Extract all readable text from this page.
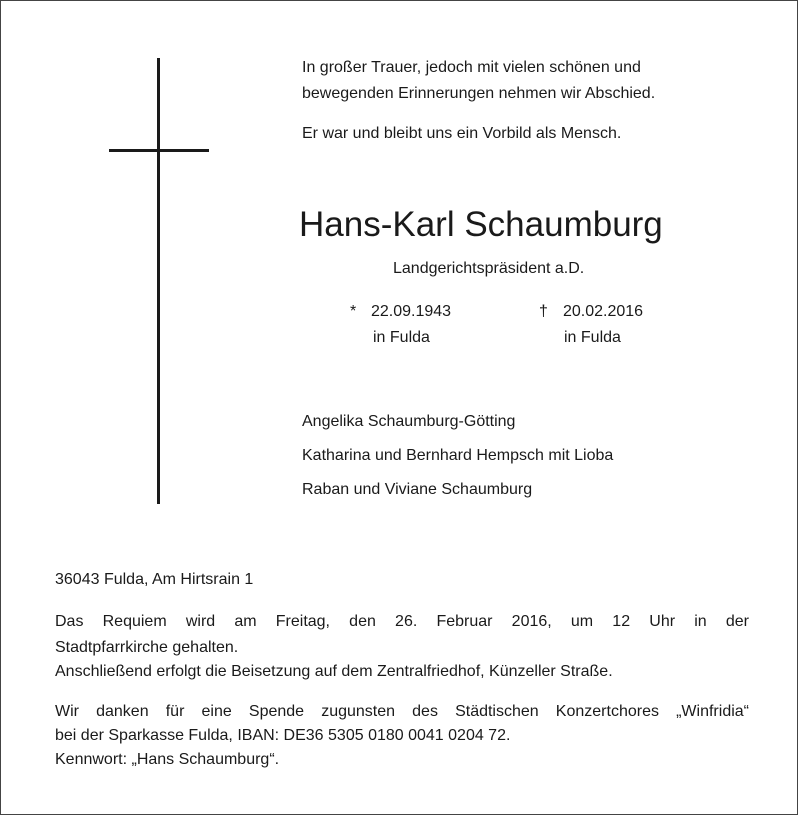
In großer Trauer, jedoch mit vielen schönen und
bewegenden Erinnerungen nehmen wir Abschied.
Er war und bleibt uns ein Vorbild als Mensch.
Hans-Karl Schaumburg
Landgerichtspräsident a.D.
* 22.09.1943
in Fulda
† 20.02.2016
in Fulda
Angelika Schaumburg-Götting
Katharina und Bernhard Hempsch mit Lioba
Raban und Viviane Schaumburg
36043 Fulda, Am Hirtsrain 1
Das Requiem wird am Freitag, den 26. Februar 2016, um 12 Uhr in der
Stadtpfarrkirche gehalten.
Anschließend erfolgt die Beisetzung auf dem Zentralfriedhof, Künzeller Straße.
Wir danken für eine Spende zugunsten des Städtischen Konzertchores „Winfridia“
bei der Sparkasse Fulda, IBAN: DE36 5305 0180 0041 0204 72.
Kennwort: „Hans Schaumburg“.
